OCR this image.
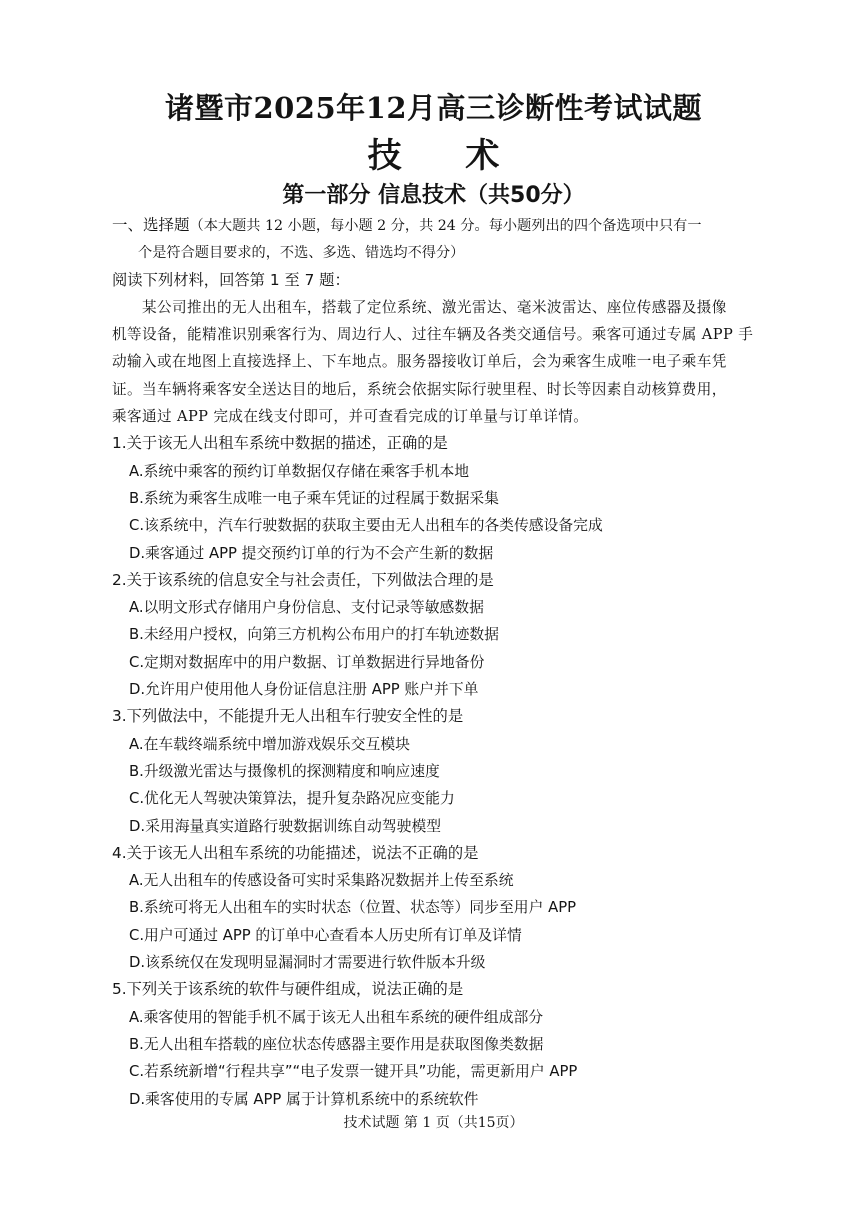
诸暨市2025年12月高三诊断性考试试题
技 术
第一部分 信息技术（共50分）
一、选择题（本大题共 12 小题，每小题 2 分，共 24 分。每小题列出的四个备选项中只有一
个是符合题目要求的，不选、多选、错选均不得分）
阅读下列材料，回答第 1 至 7 题：
某公司推出的无人出租车，搭载了定位系统、激光雷达、毫米波雷达、座位传感器及摄像
机等设备，能精准识别乘客行为、周边行人、过往车辆及各类交通信号。乘客可通过专属 APP 手
动输入或在地图上直接选择上、下车地点。服务器接收订单后，会为乘客生成唯一电子乘车凭
证。当车辆将乘客安全送达目的地后，系统会依据实际行驶里程、时长等因素自动核算费用，
乘客通过 APP 完成在线支付即可，并可查看完成的订单量与订单详情。
1.关于该无人出租车系统中数据的描述，正确的是
A.系统中乘客的预约订单数据仅存储在乘客手机本地
B.系统为乘客生成唯一电子乘车凭证的过程属于数据采集
C.该系统中，汽车行驶数据的获取主要由无人出租车的各类传感设备完成
D.乘客通过 APP 提交预约订单的行为不会产生新的数据
2.关于该系统的信息安全与社会责任，下列做法合理的是
A.以明文形式存储用户身份信息、支付记录等敏感数据
B.未经用户授权，向第三方机构公布用户的打车轨迹数据
C.定期对数据库中的用户数据、订单数据进行异地备份
D.允许用户使用他人身份证信息注册 APP 账户并下单
3.下列做法中，不能提升无人出租车行驶安全性的是
A.在车载终端系统中增加游戏娱乐交互模块
B.升级激光雷达与摄像机的探测精度和响应速度
C.优化无人驾驶决策算法，提升复杂路况应变能力
D.采用海量真实道路行驶数据训练自动驾驶模型
4.关于该无人出租车系统的功能描述，说法不正确的是
A.无人出租车的传感设备可实时采集路况数据并上传至系统
B.系统可将无人出租车的实时状态（位置、状态等）同步至用户 APP
C.用户可通过 APP 的订单中心查看本人历史所有订单及详情
D.该系统仅在发现明显漏洞时才需要进行软件版本升级
5.下列关于该系统的软件与硬件组成，说法正确的是
A.乘客使用的智能手机不属于该无人出租车系统的硬件组成部分
B.无人出租车搭载的座位状态传感器主要作用是获取图像类数据
C.若系统新增“行程共享”“电子发票一键开具”功能，需更新用户 APP
D.乘客使用的专属 APP 属于计算机系统中的系统软件
技术试题 第 1 页（共15页）
